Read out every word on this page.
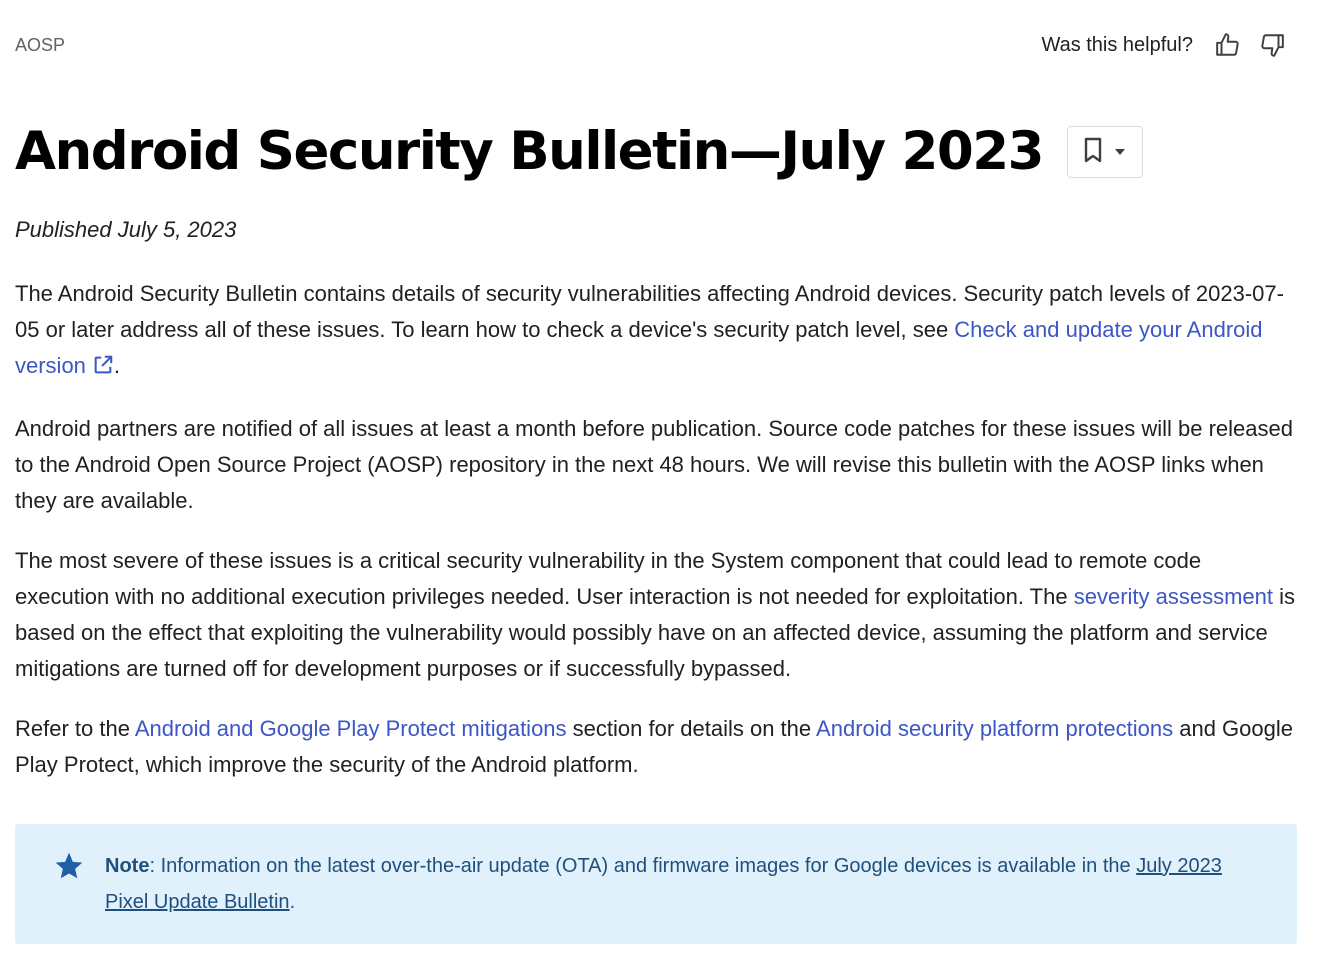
AOSP	Was this helpful?
Android Security Bulletin—July 2023
Published July 5, 2023

The Android Security Bulletin contains details of security vulnerabilities affecting Android devices. Security patch levels of 2023-07-05 or later address all of these issues. To learn how to check a device's security patch level, see Check and update your Android version .

Android partners are notified of all issues at least a month before publication. Source code patches for these issues will be released to the Android Open Source Project (AOSP) repository in the next 48 hours. We will revise this bulletin with the AOSP links when they are available.

The most severe of these issues is a critical security vulnerability in the System component that could lead to remote code execution with no additional execution privileges needed. User interaction is not needed for exploitation. The severity assessment is based on the effect that exploiting the vulnerability would possibly have on an affected device, assuming the platform and service mitigations are turned off for development purposes or if successfully bypassed.

Refer to the Android and Google Play Protect mitigations section for details on the Android security platform protections and Google Play Protect, which improve the security of the Android platform.

Note: Information on the latest over-the-air update (OTA) and firmware images for Google devices is available in the July 2023 Pixel Update Bulletin.
